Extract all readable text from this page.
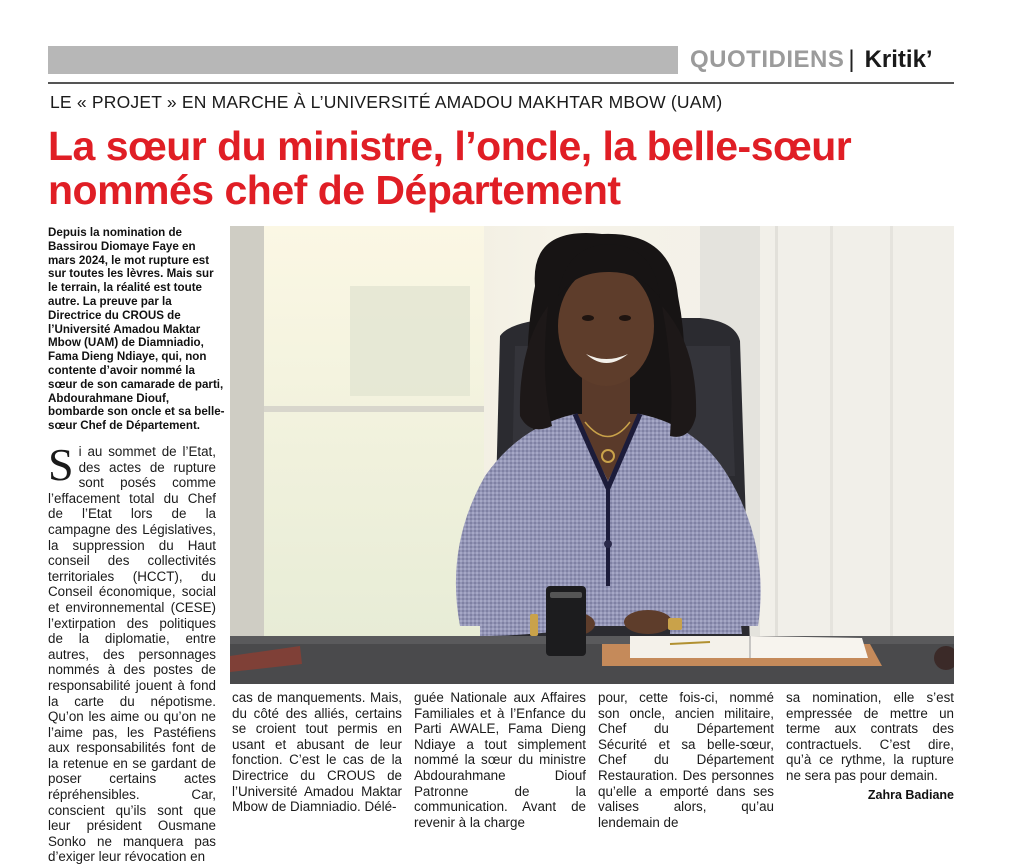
QUOTIDIENS | Kritik’
LE « PROJET » EN MARCHE À L’UNIVERSITÉ AMADOU MAKHTAR MBOW (UAM)
La sœur du ministre, l’oncle, la belle-sœur
nommés chef de Département

Depuis la nomination de Bassirou Diomaye Faye en mars 2024, le mot rupture est sur toutes les lèvres. Mais sur le terrain, la réalité est toute autre. La preuve par la Directrice du CROUS de l’Université Amadou Maktar Mbow (UAM) de Diamniadio, Fama Dieng Ndiaye, qui, non contente d’avoir nommé la sœur de son camarade de parti, Abdourahmane Diouf, bombarde son oncle et sa belle-sœur Chef de Département.

S i au sommet de l’Etat, des actes de rupture sont posés comme l’effacement total du Chef de l’Etat lors de la campagne des Législatives, la suppression du Haut conseil des collectivités territoriales (HCCT), du Conseil économique, social et environnemental (CESE) l’extirpation des politiques de la diplomatie, entre autres, des personnages nommés à des postes de responsabilité jouent à fond la carte du népotisme. Qu’on les aime ou qu’on ne l’aime pas, les Pastéfiens aux responsabilités font de la retenue en se gardant de poser certains actes répréhensibles. Car, conscient qu’ils sont que leur président Ousmane Sonko ne manquera pas d’exiger leur révocation en

cas de manquements. Mais, du côté des alliés, certains se croient tout permis en usant et abusant de leur fonction. C’est le cas de la Directrice du CROUS de l’Université Amadou Maktar Mbow de Diamniadio. Délé-

guée Nationale aux Affaires Familiales et à l’Enfance du Parti AWALE, Fama Dieng Ndiaye a tout simplement nommé la sœur du ministre Abdourahmane Diouf Patronne de la communication. Avant de revenir à la charge

pour, cette fois-ci, nommé son oncle, ancien militaire, Chef du Département Sécurité et sa belle-sœur, Chef du Département Restauration. Des personnes qu’elle a emporté dans ses valises alors, qu’au lendemain de

sa nomination, elle s’est empressée de mettre un terme aux contrats des contractuels. C’est dire, qu’à ce rythme, la rupture ne sera pas pour demain.

Zahra Badiane
